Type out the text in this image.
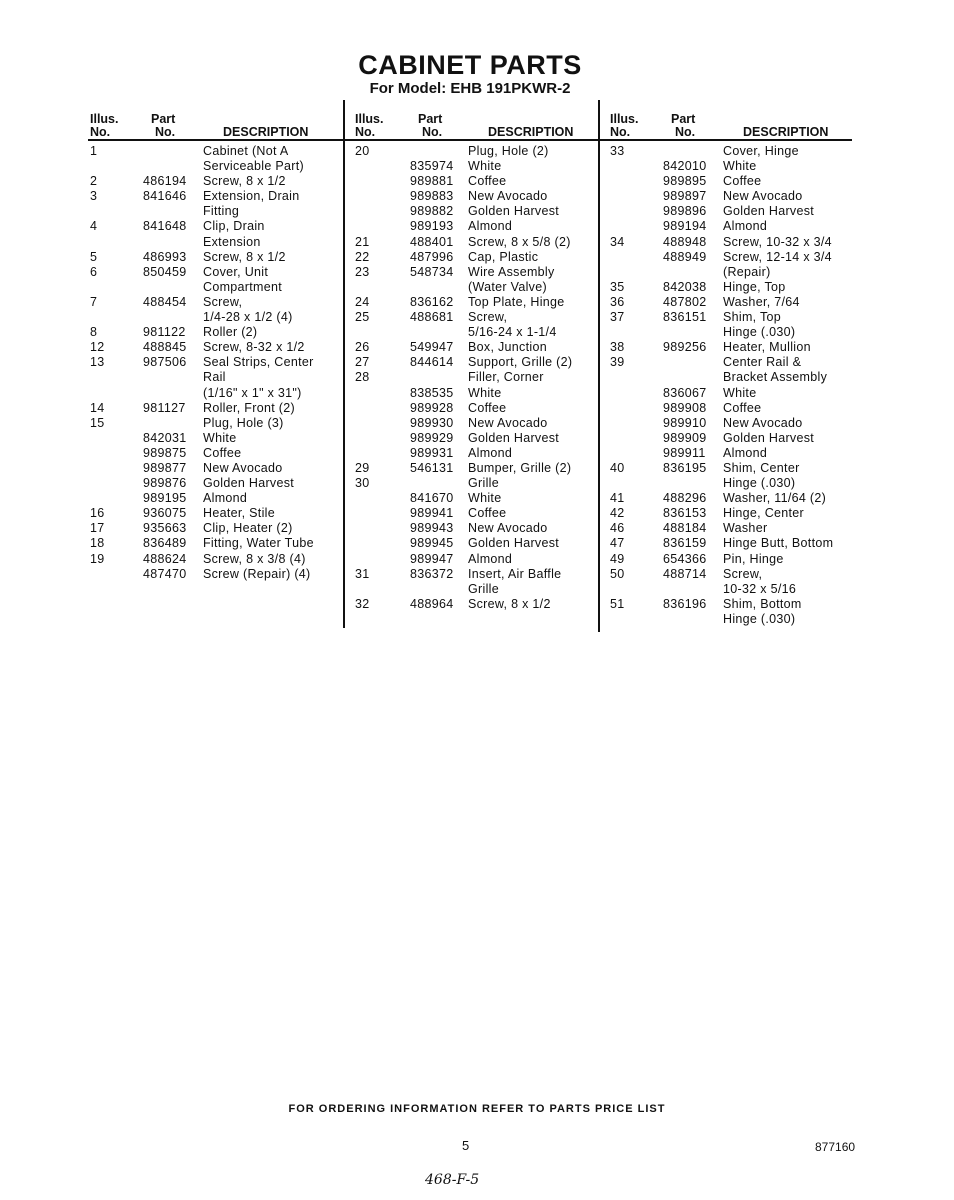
CABINET PARTS
For Model: EHB 191PKWR-2
Illus.
No.
Part
No.	DESCRIPTION
1	Cabinet (Not A
Serviceable Part)
2	486194 Screw, 8 x 1/2
3	841646 Extension, Drain
Fitting
4	841648 Clip, Drain
Extension
5	486993 Screw, 8 x 1/2
6	850459 Cover, Unit
Compartment
7	488454 Screw,
1/4-28 x 1/2 (4)
8	981122 Roller (2)
12	488845 Screw, 8-32 x 1/2
13	987506 Seal Strips, Center
Rail
(1/16" x 1" x 31")
14	981127 Roller, Front (2)
15	Plug, Hole (3)
842031 White
989875 Coffee
989877 New Avocado
989876 Golden Harvest
989195 Almond
16	936075 Heater, Stile
17	935663 Clip, Heater (2)
18	836489 Fitting, Water Tube
19	488624 Screw, 8 x 3/8 (4)
487470 Screw (Repair) (4)
Illus.
No.
Part
No.	DESCRIPTION
20	Plug, Hole (2)
835974 White
989881 Coffee
989883 New Avocado
989882 Golden Harvest
989193 Almond
21	488401 Screw, 8 x 5/8 (2)
22	487996 Cap, Plastic
23	548734 Wire Assembly
(Water Valve)
24	836162 Top Plate, Hinge
25	488681 Screw,
5/16-24 x 1-1/4
26	549947 Box, Junction
27	844614 Support, Grille (2)
28	Filler, Corner
838535 White
989928 Coffee
989930 New Avocado
989929 Golden Harvest
989931 Almond
29	546131 Bumper, Grille (2)
30	Grille
841670 White
989941 Coffee
989943 New Avocado
989945 Golden Harvest
989947 Almond
31	836372 Insert, Air Baffle
Grille
32	488964 Screw, 8 x 1/2
Illus.
No.
Part
No.	DESCRIPTION
33	Cover, Hinge
842010 White
989895 Coffee
989897 New Avocado
989896 Golden Harvest
989194 Almond
34	488948 Screw, 10-32 x 3/4
488949 Screw, 12-14 x 3/4
(Repair)
35	842038 Hinge, Top
36	487802 Washer, 7/64
37	836151 Shim, Top
Hinge (.030)
38	989256 Heater, Mullion
39	Center Rail &
Bracket Assembly
836067 White
989908 Coffee
989910 New Avocado
989909 Golden Harvest
989911 Almond
40	836195 Shim, Center
Hinge (.030)
41	488296 Washer, 11/64 (2)
42	836153 Hinge, Center
46	488184 Washer
47	836159 Hinge Butt, Bottom
49	654366 Pin, Hinge
50	488714 Screw,
10-32 x 5/16
51	836196 Shim, Bottom
Hinge (.030)
FOR ORDERING INFORMATION REFER TO PARTS PRICE LIST
5	877160
468-F-5
